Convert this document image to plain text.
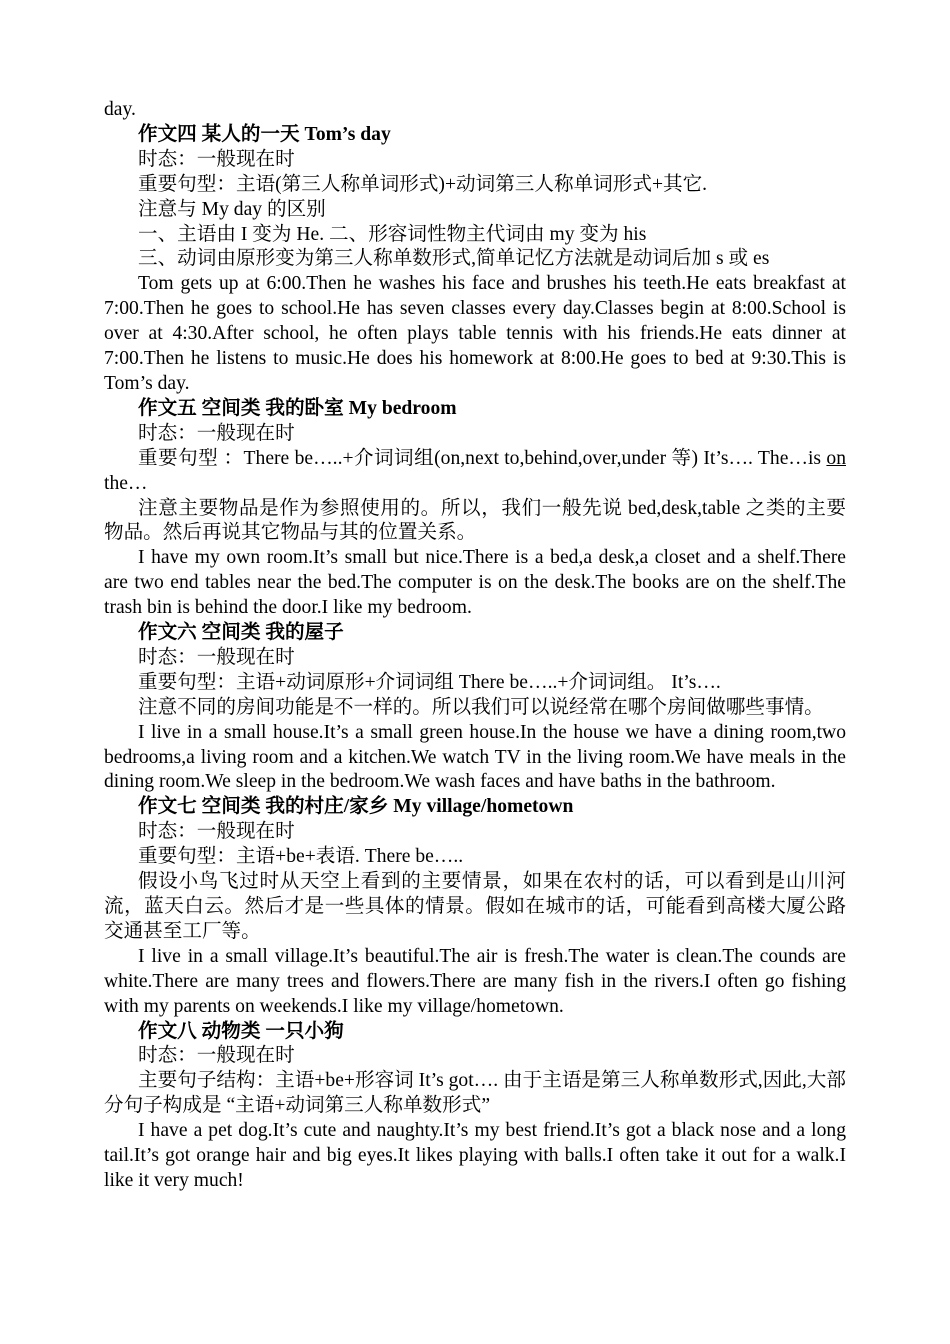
day.

作文四 某人的一天 Tom’s day

时态：一般现在时

重要句型：主语(第三人称单词形式)+动词第三人称单词形式+其它.

注意与 My day 的区别

一、主语由 I 变为 He. 二、形容词性物主代词由 my 变为 his

三、动词由原形变为第三人称单数形式,简单记忆方法就是动词后加 s 或 es

Tom gets up at 6:00.Then he washes his face and brushes his teeth.He eats breakfast at 7:00.Then he goes to school.He has seven classes every day.Classes begin at 8:00.School is over at 4:30.After school, he often plays table tennis with his friends.He eats dinner at 7:00.Then he listens to music.He does his homework at 8:00.He goes to bed at 9:30.This is Tom’s day.

作文五 空间类 我的卧室 My bedroom

时态：一般现在时

重要句型 ：There be…..+介词词组(on,next to,behind,over,under 等) It’s…. The…is on the…

注意主要物品是作为参照使用的。所以，我们一般先说 bed,desk,table 之类的主要物品。然后再说其它物品与其的位置关系。

I have my own room.It’s small but nice.There is a bed,a desk,a closet and a shelf.There are two end tables near the bed.The computer is on the desk.The books are on the shelf.The trash bin is behind the door.I like my bedroom.

作文六 空间类 我的屋子

时态：一般现在时

重要句型：主语+动词原形+介词词组 There be…..+介词词组。 It’s….

注意不同的房间功能是不一样的。所以我们可以说经常在哪个房间做哪些事情。

I live in a small house.It’s a small green house.In the house we have a dining room,two bedrooms,a living room and a kitchen.We watch TV in the living room.We have meals in the dining room.We sleep in the bedroom.We wash faces and have baths in the bathroom.

作文七 空间类 我的村庄/家乡 My village/hometown

时态：一般现在时

重要句型：主语+be+表语. There be…..

假设小鸟飞过时从天空上看到的主要情景，如果在农村的话，可以看到是山川河流，蓝天白云。然后才是一些具体的情景。假如在城市的话，可能看到高楼大厦公路交通甚至工厂等。

I live in a small village.It’s beautiful.The air is fresh.The water is clean.The counds are white.There are many trees and flowers.There are many fish in the rivers.I often go fishing with my parents on weekends.I like my village/hometown.

作文八 动物类 一只小狗

时态：一般现在时

主要句子结构：主语+be+形容词 It’s got…. 由于主语是第三人称单数形式,因此,大部分句子构成是 “主语+动词第三人称单数形式”

I have a pet dog.It’s cute and naughty.It’s my best friend.It’s got a black nose and a long tail.It’s got orange hair and big eyes.It likes playing with balls.I often take it out for a walk.I like it very much!
